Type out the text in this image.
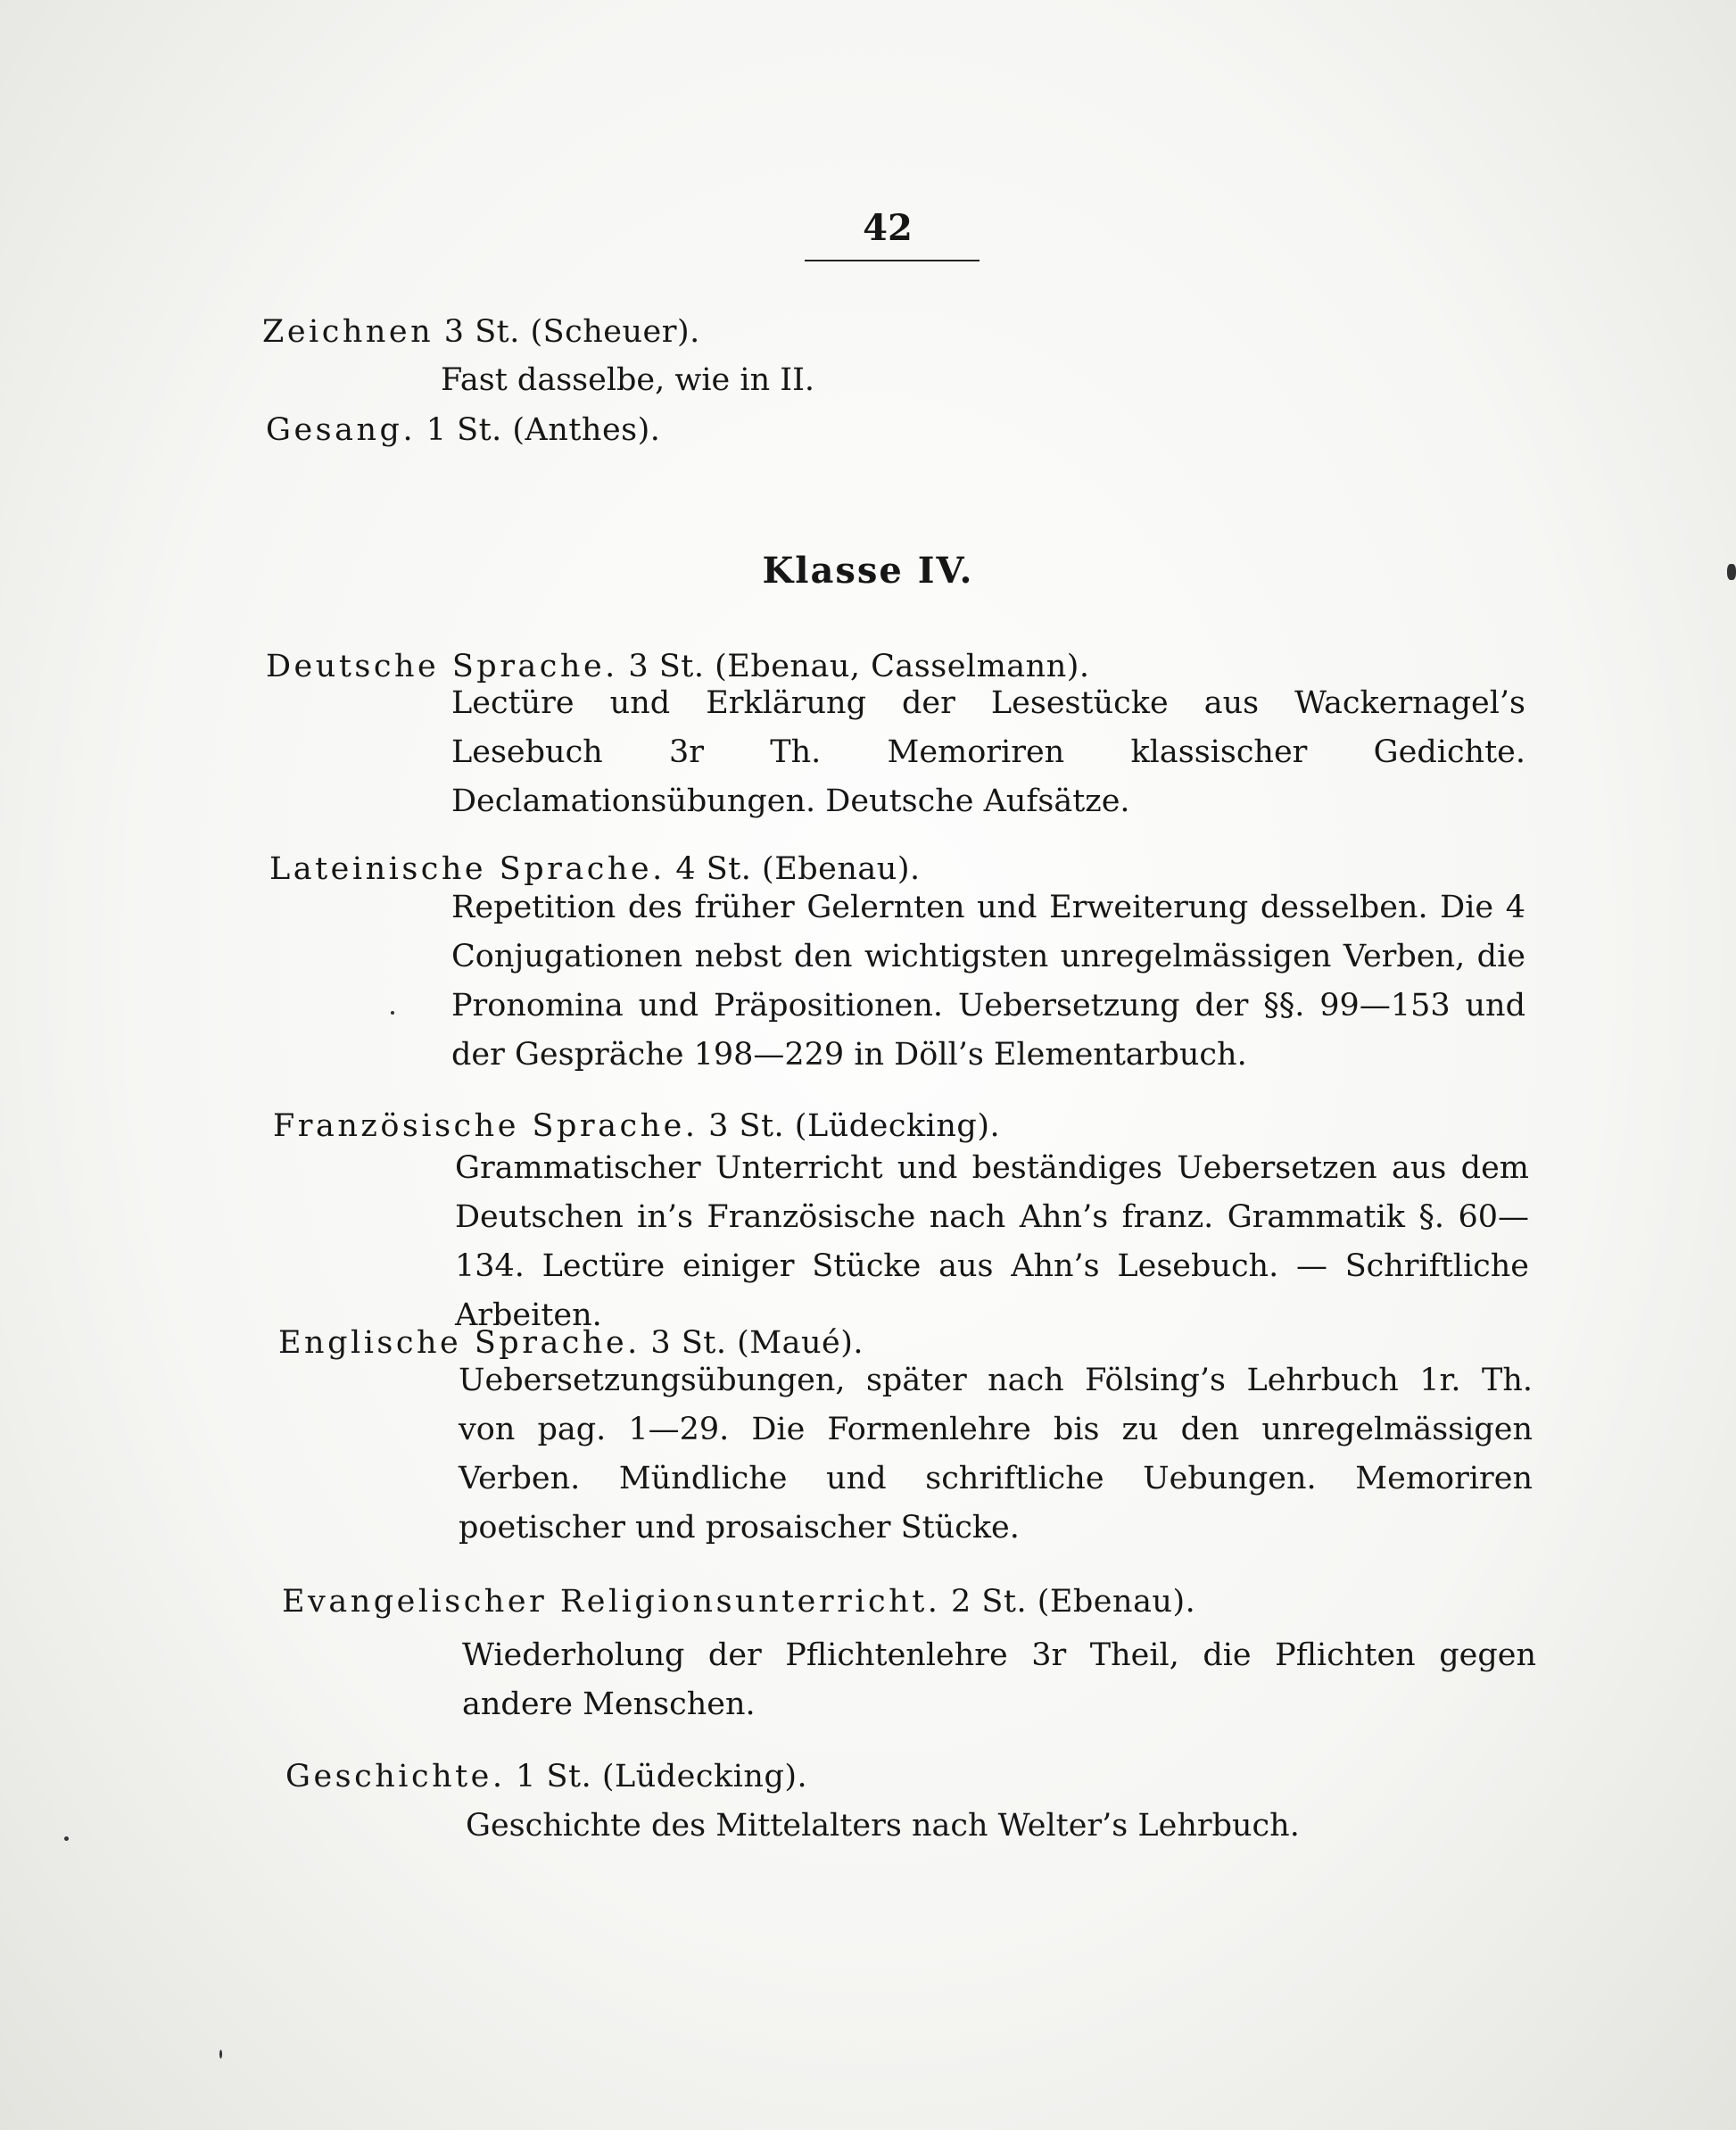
42
Zeichnen 3 St. (Scheuer).
Fast dasselbe, wie in II.
Gesang. 1 St. (Anthes).
Klasse IV.
Deutsche Sprache. 3 St. (Ebenau, Casselmann).
Lectüre und Erklärung der Lesestücke aus Wackernagel’s Lesebuch 3r Th. Memoriren klassischer Gedichte. Declamationsübungen. Deutsche Aufsätze.
Lateinische Sprache. 4 St. (Ebenau).
Repetition des früher Gelernten und Erweiterung desselben. Die 4 Conjugationen nebst den wichtigsten unregelmässigen Verben, die Pronomina und Präpositionen. Uebersetzung der §§. 99—153 und der Gespräche 198—229 in Döll’s Elementarbuch.
Französische Sprache. 3 St. (Lüdecking).
Grammatischer Unterricht und beständiges Uebersetzen aus dem Deutschen in’s Französische nach Ahn’s franz. Grammatik §. 60—134. Lectüre einiger Stücke aus Ahn’s Lesebuch. — Schriftliche Arbeiten.
Englische Sprache. 3 St. (Maué).
Uebersetzungsübungen, später nach Fölsing’s Lehrbuch 1r. Th. von pag. 1—29. Die Formenlehre bis zu den unregelmässigen Verben. Mündliche und schriftliche Uebungen. Memoriren poetischer und prosaischer Stücke.
Evangelischer Religionsunterricht. 2 St. (Ebenau).
Wiederholung der Pflichtenlehre 3r Theil, die Pflichten gegen andere Menschen.
Geschichte. 1 St. (Lüdecking).
Geschichte des Mittelalters nach Welter’s Lehrbuch.
